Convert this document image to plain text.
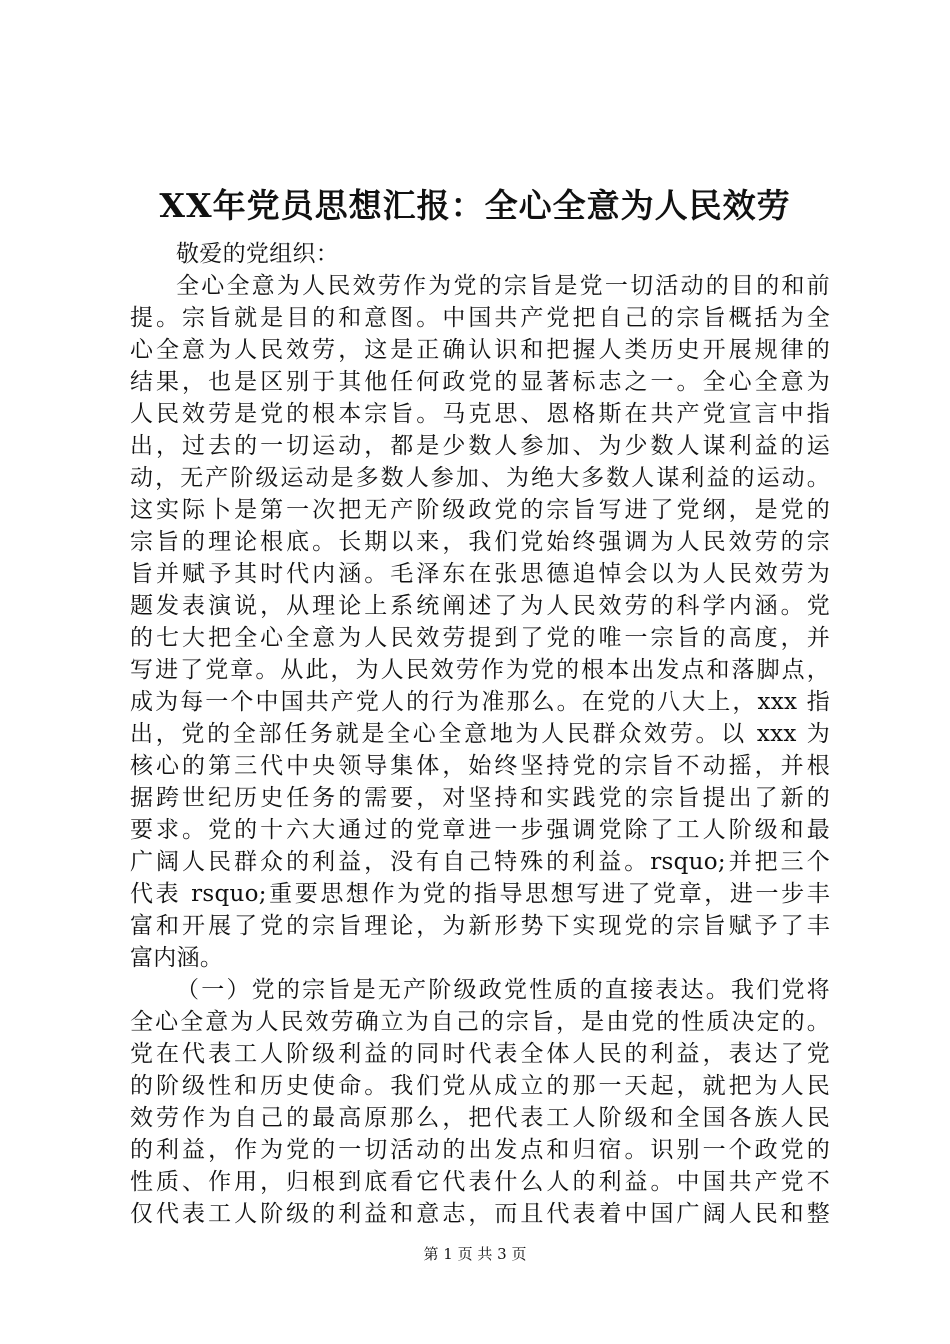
XX年党员思想汇报：全心全意为人民效劳
敬爱的党组织：
全心全意为人民效劳作为党的宗旨是党一切活动的目的和前
提。宗旨就是目的和意图。中国共产党把自己的宗旨概括为全
心全意为人民效劳，这是正确认识和把握人类历史开展规律的
结果，也是区别于其他任何政党的显著标志之一。全心全意为
人民效劳是党的根本宗旨。马克思、恩格斯在共产党宣言中指
出，过去的一切运动，都是少数人参加、为少数人谋利益的运
动，无产阶级运动是多数人参加、为绝大多数人谋利益的运动。
这实际卜是第一次把无产阶级政党的宗旨写进了党纲，是党的
宗旨的理论根底。长期以来，我们党始终强调为人民效劳的宗
旨并赋予其时代内涵。毛泽东在张思德追悼会以为人民效劳为
题发表演说，从理论上系统阐述了为人民效劳的科学内涵。党
的七大把全心全意为人民效劳提到了党的唯一宗旨的高度，并
写进了党章。从此，为人民效劳作为党的根本出发点和落脚点，
成为每一个中国共产党人的行为准那么。在党的八大上，xxx 指
出，党的全部任务就是全心全意地为人民群众效劳。以 xxx 为
核心的第三代中央领导集体，始终坚持党的宗旨不动摇，并根
据跨世纪历史任务的需要，对坚持和实践党的宗旨提出了新的
要求。党的十六大通过的党章进一步强调党除了工人阶级和最
广阔人民群众的利益，没有自己特殊的利益。rsquo;并把三个
代表 rsquo;重要思想作为党的指导思想写进了党章，进一步丰
富和开展了党的宗旨理论，为新形势下实现党的宗旨赋予了丰
富内涵。
（一）党的宗旨是无产阶级政党性质的直接表达。我们党将
全心全意为人民效劳确立为自己的宗旨，是由党的性质决定的。
党在代表工人阶级利益的同时代表全体人民的利益，表达了党
的阶级性和历史使命。我们党从成立的那一天起，就把为人民
效劳作为自己的最高原那么，把代表工人阶级和全国各族人民
的利益，作为党的一切活动的出发点和归宿。识别一个政党的
性质、作用，归根到底看它代表什么人的利益。中国共产党不
仅代表工人阶级的利益和意志，而且代表着中国广阔人民和整
第 1 页 共 3 页
